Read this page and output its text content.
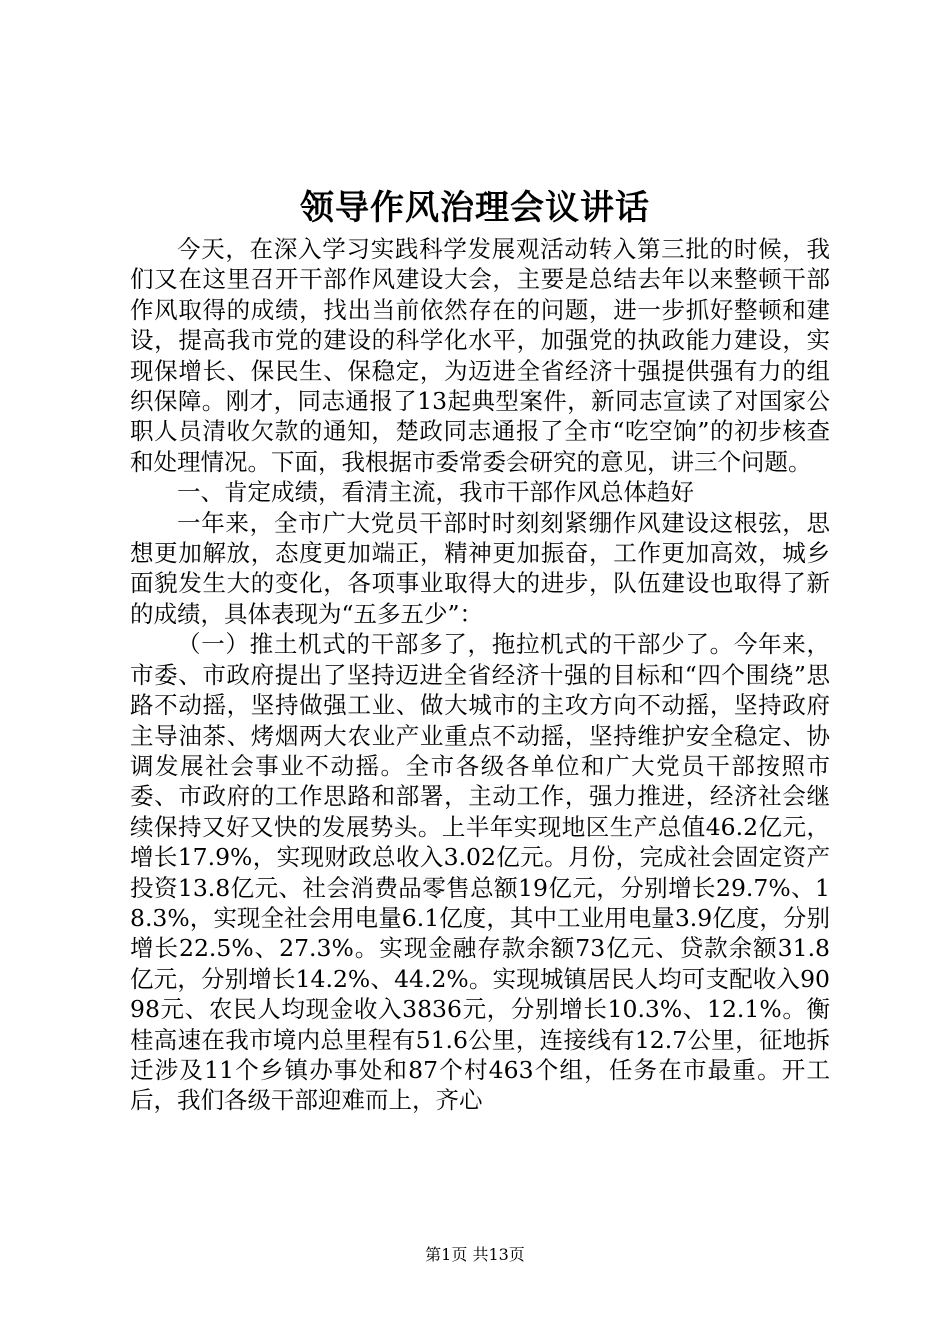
领导作风治理会议讲话

今天，在深入学习实践科学发展观活动转入第三批的时候，我们又在这里召开干部作风建设大会，主要是总结去年以来整顿干部作风取得的成绩，找出当前依然存在的问题，进一步抓好整顿和建设，提高我市党的建设的科学化水平，加强党的执政能力建设，实现保增长、保民生、保稳定，为迈进全省经济十强提供强有力的组织保障。刚才，同志通报了13起典型案件，新同志宣读了对国家公职人员清收欠款的通知，楚政同志通报了全市“吃空饷”的初步核查和处理情况。下面，我根据市委常委会研究的意见，讲三个问题。

一、肯定成绩，看清主流，我市干部作风总体趋好

一年来，全市广大党员干部时时刻刻紧绷作风建设这根弦，思想更加解放，态度更加端正，精神更加振奋，工作更加高效，城乡面貌发生大的变化，各项事业取得大的进步，队伍建设也取得了新的成绩，具体表现为“五多五少”：

（一）推土机式的干部多了，拖拉机式的干部少了。今年来，市委、市政府提出了坚持迈进全省经济十强的目标和“四个围绕”思路不动摇，坚持做强工业、做大城市的主攻方向不动摇，坚持政府主导油茶、烤烟两大农业产业重点不动摇，坚持维护安全稳定、协调发展社会事业不动摇。全市各级各单位和广大党员干部按照市委、市政府的工作思路和部署，主动工作，强力推进，经济社会继续保持又好又快的发展势头。上半年实现地区生产总值46.2亿元，增长17.9%，实现财政总收入3.02亿元。月份，完成社会固定资产投资13.8亿元、社会消费品零售总额19亿元，分别增长29.7%、18.3%，实现全社会用电量6.1亿度，其中工业用电量3.9亿度，分别增长22.5%、27.3%。实现金融存款余额73亿元、贷款余额31.8亿元，分别增长14.2%、44.2%。实现城镇居民人均可支配收入9098元、农民人均现金收入3836元，分别增长10.3%、12.1%。衡桂高速在我市境内总里程有51.6公里，连接线有12.7公里，征地拆迁涉及11个乡镇办事处和87个村463个组，任务在市最重。开工后，我们各级干部迎难而上，齐心

第1页 共13页
